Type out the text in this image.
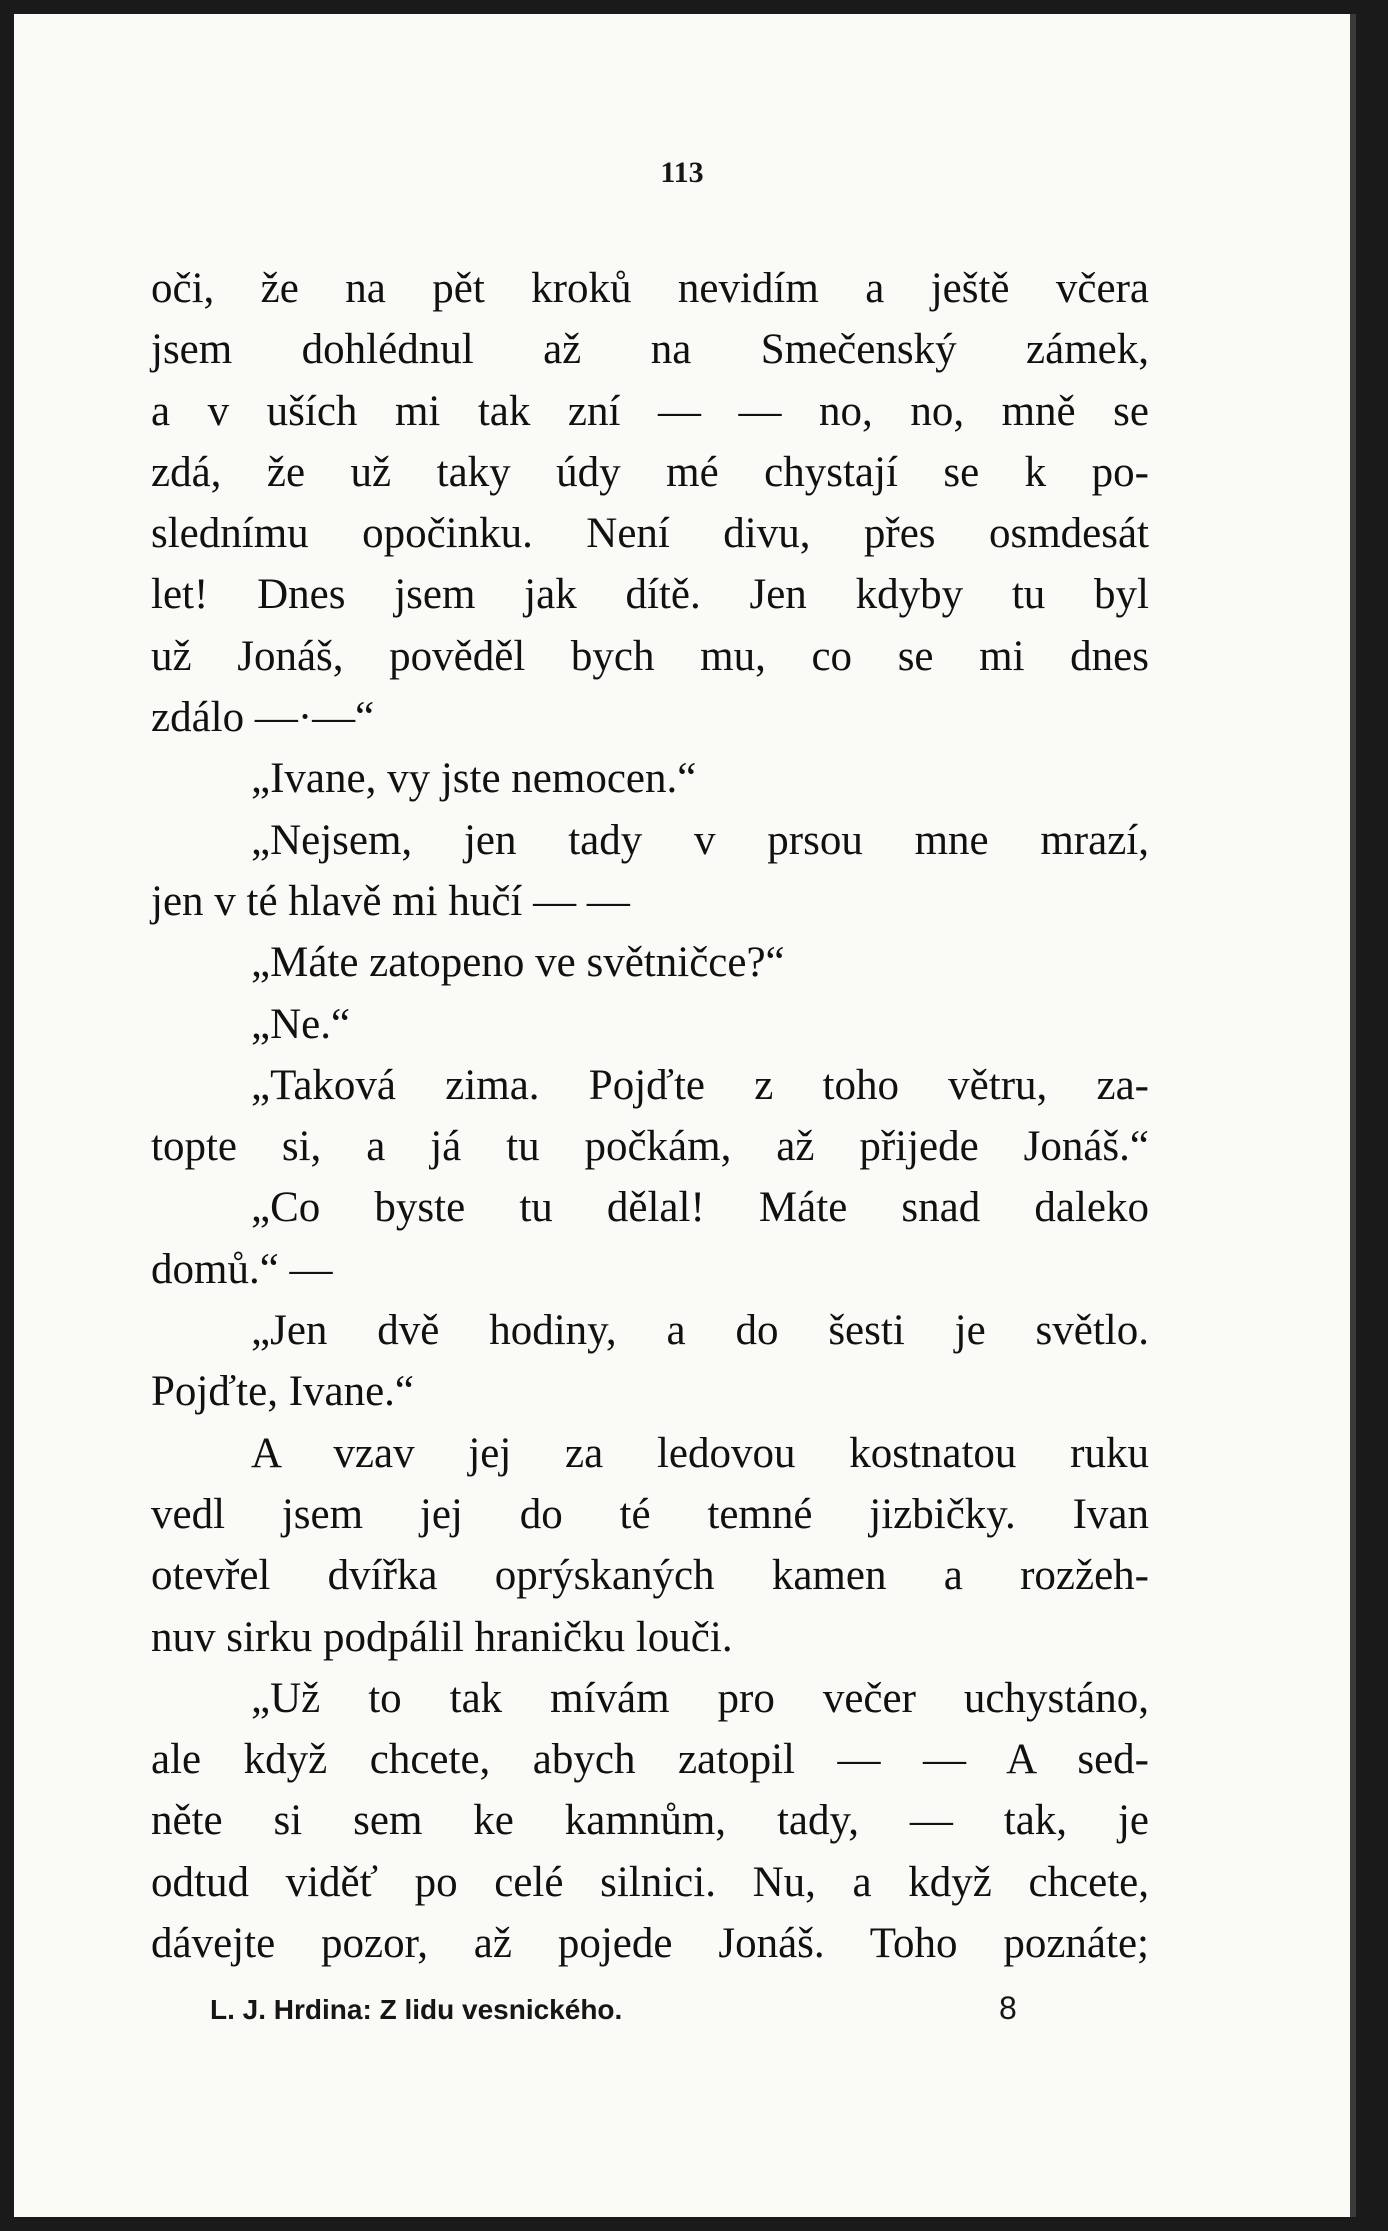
113
oči, že na pět kroků nevidím a ještě včera
jsem dohlédnul až na Smečenský zámek,
a v uších mi tak zní — — no, no, mně se
zdá, že už taky údy mé chystají se k po-
slednímu opočinku. Není divu, přes osmdesát
let! Dnes jsem jak dítě. Jen kdyby tu byl
už Jonáš, pověděl bych mu, co se mi dnes
zdálo —·—“
„Ivane, vy jste nemocen.“
„Nejsem, jen tady v prsou mne mrazí,
jen v té hlavě mi hučí — —
„Máte zatopeno ve světničce?“
„Ne.“
„Taková zima. Pojďte z toho větru, za-
topte si, a já tu počkám, až přijede Jonáš.“
„Co byste tu dělal! Máte snad daleko
domů.“ —
„Jen dvě hodiny, a do šesti je světlo.
Pojďte, Ivane.“
A vzav jej za ledovou kostnatou ruku
vedl jsem jej do té temné jizbičky. Ivan
otevřel dvířka oprýskaných kamen a rozžeh-
nuv sirku podpálil hraničku louči.
„Už to tak mívám pro večer uchystáno,
ale když chcete, abych zatopil — — A sed-
něte si sem ke kamnům, tady, — tak, je
odtud viděť po celé silnici. Nu, a když chcete,
dávejte pozor, až pojede Jonáš. Toho poznáte;
L. J. Hrdina: Z lidu vesnického.	8
